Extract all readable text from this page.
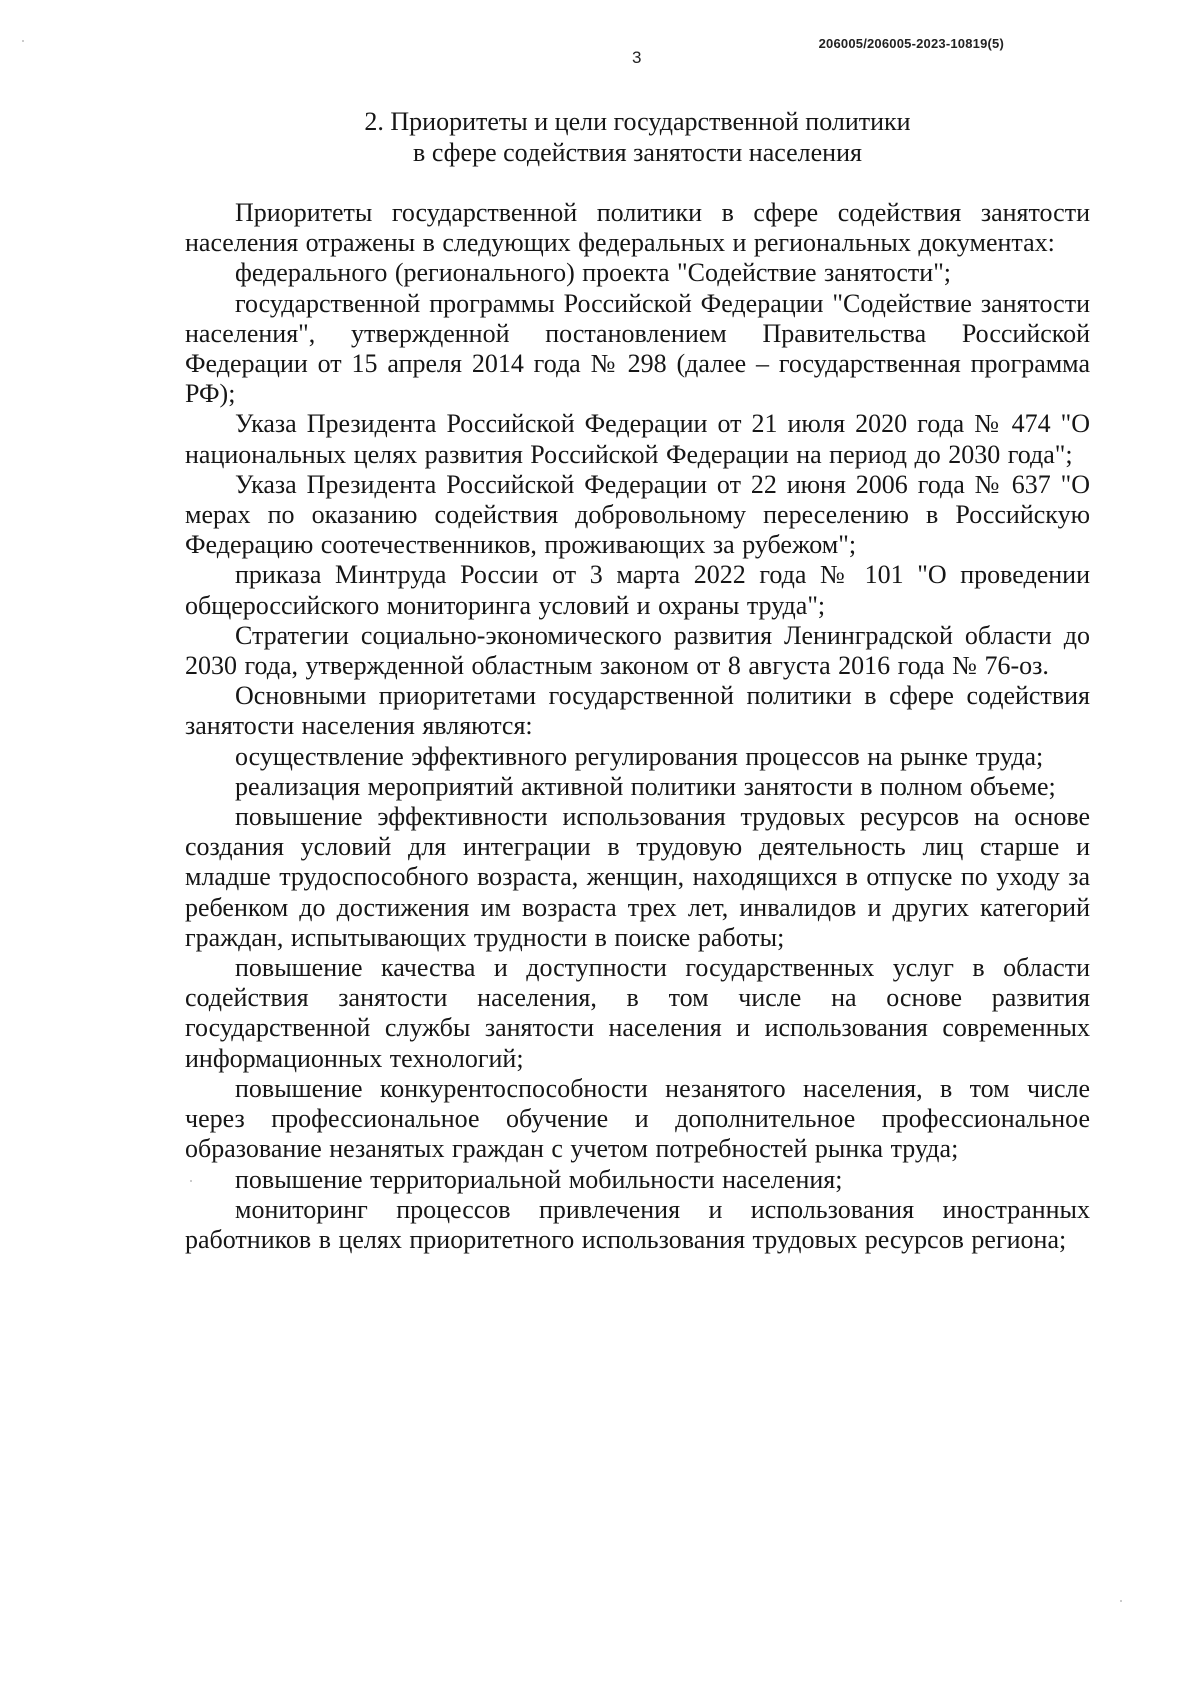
206005/206005-2023-10819(5)
3
2. Приоритеты и цели государственной политики
в сфере содействия занятости населения

Приоритеты государственной политики в сфере содействия занятости населения отражены в следующих федеральных и региональных документах:

федерального (регионального) проекта "Содействие занятости";

государственной программы Российской Федерации "Содействие занятости населения", утвержденной постановлением Правительства Российской Федерации от 15 апреля 2014 года № 298 (далее – государственная программа РФ);

Указа Президента Российской Федерации от 21 июля 2020 года № 474 "О национальных целях развития Российской Федерации на период до 2030 года";

Указа Президента Российской Федерации от 22 июня 2006 года № 637 "О мерах по оказанию содействия добровольному переселению в Российскую Федерацию соотечественников, проживающих за рубежом";

приказа Минтруда России от 3 марта 2022 года № 101 "О проведении общероссийского мониторинга условий и охраны труда";

Стратегии социально-экономического развития Ленинградской области до 2030 года, утвержденной областным законом от 8 августа 2016 года № 76-оз.

Основными приоритетами государственной политики в сфере содействия занятости населения являются:

осуществление эффективного регулирования процессов на рынке труда;

реализация мероприятий активной политики занятости в полном объеме;

повышение эффективности использования трудовых ресурсов на основе создания условий для интеграции в трудовую деятельность лиц старше и младше трудоспособного возраста, женщин, находящихся в отпуске по уходу за ребенком до достижения им возраста трех лет, инвалидов и других категорий граждан, испытывающих трудности в поиске работы;

повышение качества и доступности государственных услуг в области содействия занятости населения, в том числе на основе развития государственной службы занятости населения и использования современных информационных технологий;

повышение конкурентоспособности незанятого населения, в том числе через профессиональное обучение и дополнительное профессиональное образование незанятых граждан с учетом потребностей рынка труда;

повышение территориальной мобильности населения;

мониторинг процессов привлечения и использования иностранных работников в целях приоритетного использования трудовых ресурсов региона;
